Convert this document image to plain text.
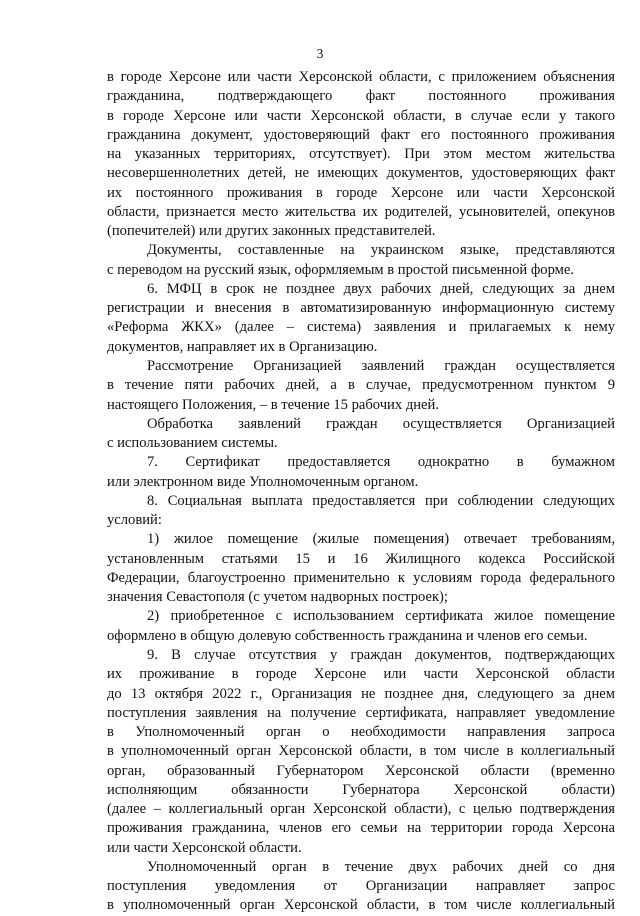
3
в городе Херсоне или части Херсонской области, с приложением объяснения
гражданина, подтверждающего факт постоянного проживания
в городе Херсоне или части Херсонской области, в случае если у такого
гражданина документ, удостоверяющий факт его постоянного проживания
на указанных территориях, отсутствует). При этом местом жительства
несовершеннолетних детей, не имеющих документов, удостоверяющих факт
их постоянного проживания в городе Херсоне или части Херсонской
области, признается место жительства их родителей, усыновителей, опекунов
(попечителей) или других законных представителей.
Документы, составленные на украинском языке, представляются
с переводом на русский язык, оформляемым в простой письменной форме.
6. МФЦ в срок не позднее двух рабочих дней, следующих за днем
регистрации и внесения в автоматизированную информационную систему
«Реформа ЖКХ» (далее – система) заявления и прилагаемых к нему
документов, направляет их в Организацию.
Рассмотрение Организацией заявлений граждан осуществляется
в течение пяти рабочих дней, а в случае, предусмотренном пунктом 9
настоящего Положения, – в течение 15 рабочих дней.
Обработка заявлений граждан осуществляется Организацией
с использованием системы.
7. Сертификат предоставляется однократно в бумажном
или электронном виде Уполномоченным органом.
8. Социальная выплата предоставляется при соблюдении следующих
условий:
1) жилое помещение (жилые помещения) отвечает требованиям,
установленным статьями 15 и 16 Жилищного кодекса Российской
Федерации, благоустроенно применительно к условиям города федерального
значения Севастополя (с учетом надворных построек);
2) приобретенное с использованием сертификата жилое помещение
оформлено в общую долевую собственность гражданина и членов его семьи.
9. В случае отсутствия у граждан документов, подтверждающих
их проживание в городе Херсоне или части Херсонской области
до 13 октября 2022 г., Организация не позднее дня, следующего за днем
поступления заявления на получение сертификата, направляет уведомление
в Уполномоченный орган о необходимости направления запроса
в уполномоченный орган Херсонской области, в том числе в коллегиальный
орган, образованный Губернатором Херсонской области (временно
исполняющим обязанности Губернатора Херсонской области)
(далее – коллегиальный орган Херсонской области), с целью подтверждения
проживания гражданина, членов его семьи на территории города Херсона
или части Херсонской области.
Уполномоченный орган в течение двух рабочих дней со дня
поступления уведомления от Организации направляет запрос
в уполномоченный орган Херсонской области, в том числе коллегиальный
